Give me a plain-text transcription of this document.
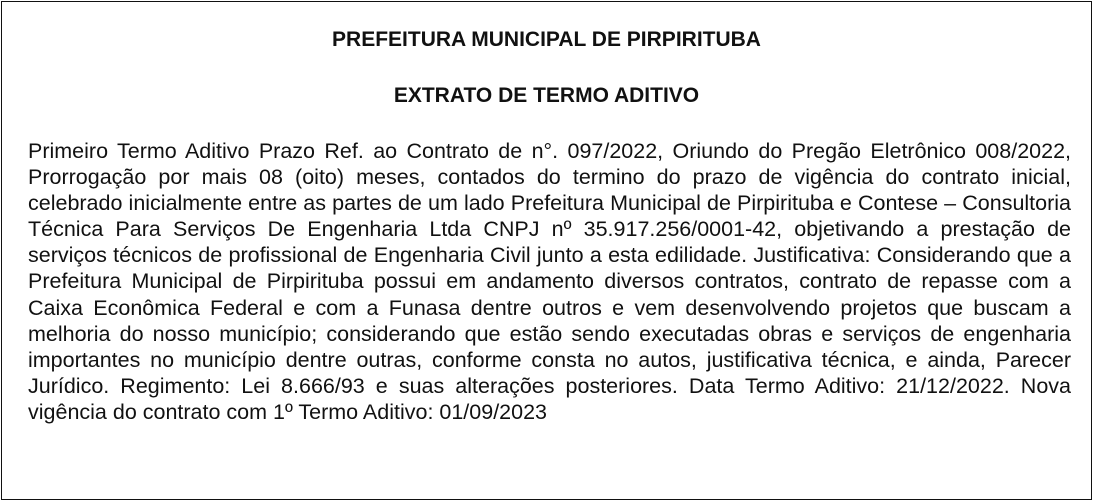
PREFEITURA MUNICIPAL DE PIRPIRITUBA
EXTRATO DE TERMO ADITIVO

Primeiro Termo Aditivo Prazo Ref. ao Contrato de n°. 097/2022, Oriundo do Pregão Eletrônico 008/2022, Prorrogação por mais 08 (oito) meses, contados do termino do prazo de vigência do contrato inicial, celebrado inicialmente entre as partes de um lado Prefeitura Municipal de Pirpirituba e Contese – Consultoria Técnica Para Serviços De Engenharia Ltda CNPJ nº 35.917.256/0001-42, objetivando a prestação de serviços técnicos de profissional de Engenharia Civil junto a esta edilidade. Justificativa: Considerando que a Prefeitura Municipal de Pirpirituba possui em andamento diversos contratos, contrato de repasse com a Caixa Econômica Federal e com a Funasa dentre outros e vem desenvolvendo projetos que buscam a melhoria do nosso município; considerando que estão sendo executadas obras e serviços de engenharia importantes no município dentre outras, conforme consta no autos, justificativa técnica, e ainda, Parecer Jurídico. Regimento: Lei 8.666/93 e suas alterações posteriores. Data Termo Aditivo: 21/12/2022. Nova vigência do contrato com 1º Termo Aditivo: 01/09/2023
